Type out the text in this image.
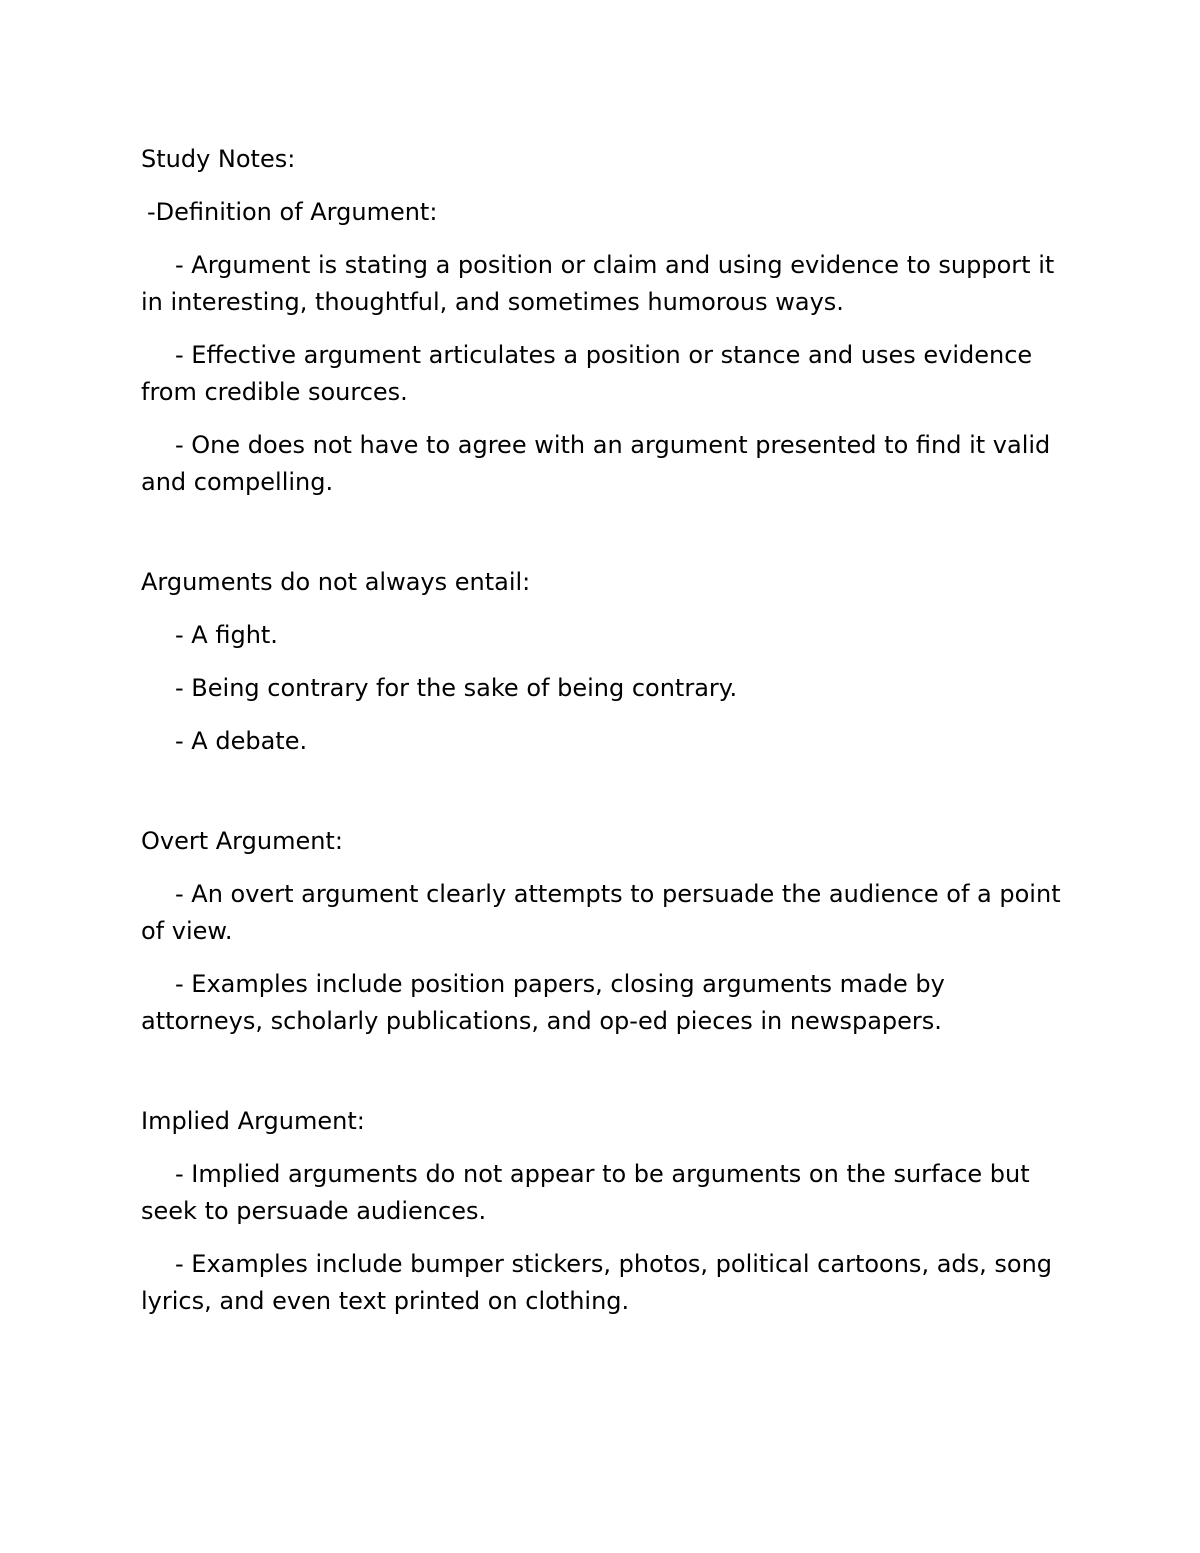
Study Notes:

-Definition of Argument:

- Argument is stating a position or claim and using evidence to support it in interesting, thoughtful, and sometimes humorous ways.

- Effective argument articulates a position or stance and uses evidence from credible sources.

- One does not have to agree with an argument presented to find it valid and compelling.

Arguments do not always entail:

- A fight.

- Being contrary for the sake of being contrary.

- A debate.

Overt Argument:

- An overt argument clearly attempts to persuade the audience of a point of view.

- Examples include position papers, closing arguments made by attorneys, scholarly publications, and op-ed pieces in newspapers.

Implied Argument:

- Implied arguments do not appear to be arguments on the surface but seek to persuade audiences.

- Examples include bumper stickers, photos, political cartoons, ads, song lyrics, and even text printed on clothing.
